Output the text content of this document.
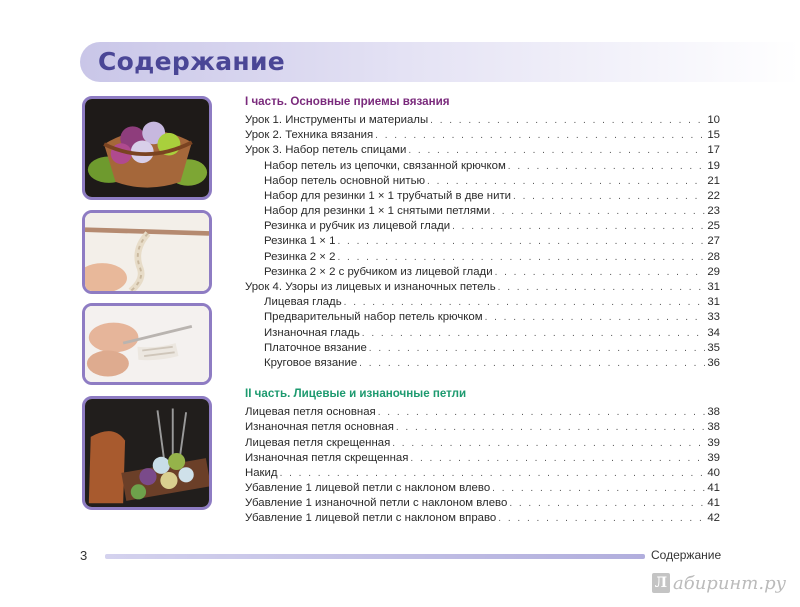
Содержание
I часть. Основные приемы вязания
Урок 1. Инструменты и материалы . . .	10
Урок 2. Техника вязания . . .	15
Урок 3. Набор петель спицами . . .	17
Набор петель из цепочки, связанной крючком . . .	19
Набор петель основной нитью . . .	21
Набор для резинки 1 × 1 трубчатый в две нити . . .	22
Набор для резинки 1 × 1 снятыми петлями . . .	23
Резинка и рубчик из лицевой глади . . .	25
Резинка 1 × 1 . . .	27
Резинка 2 × 2 . . .	28
Резинка 2 × 2 с рубчиком из лицевой глади . . .	29
Урок 4. Узоры из лицевых и изнаночных петель . . .	31
Лицевая гладь . . .	31
Предварительный набор петель крючком . . .	33
Изнаночная гладь . . .	34
Платочное вязание . . .	35
Круговое вязание . . .	36
II часть. Лицевые и изнаночные петли
Лицевая петля основная . . .	38
Изнаночная петля основная . . .	38
Лицевая петля скрещенная . . .	39
Изнаночная петля скрещенная . . .	39
Накид . . .	40
Убавление 1 лицевой петли с наклоном влево . . .	41
Убавление 1 изнаночной петли с наклоном влево . . .	41
Убавление 1 лицевой петли с наклоном вправо . . .	42
3	Содержание
Л абиринт.ру
